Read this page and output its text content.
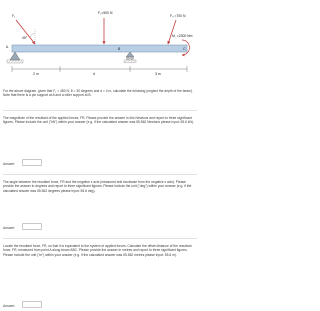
F₁
F₂=500 N
F₃ =700 N
45°	M, =2300 Nm
A	B	C
2 m	d	3 m
For the above diagram, given that F₁ = 450 N, θ = 30 degrees and d = 4 m, calculate the following (neglect the depth of the beam). Note that there is a pin support at A and a roller support at B.
The magnitude of the resultant of the applied forces, FR. Please provide the answer in kilo Newtons and report to three significant figures. Please include the unit ("kN") within your answer (e.g. if the calculated answer was 55.562 Newtons please input: 55.6 kN).
Answer:
The angle between the resultant force, FR and the negative x axis (measured anti clockwise from the negative x axis). Please provide the answer in degrees and report to three significant figures. Please include the unit ("deg") within your answer (e.g. if the calculated answer was 55.562 degrees please input: 55.6 deg).
Answer:
Locate the resultant force, FR, so that it is equivalent to the system of applied forces. Calculate the offset distance of the resultant force, FR, measured from point A along beam ABC. Please provide the answer in metres and report to three significant figures. Please include the unit ("m") within your answer (e.g. if the calculated answer was 55.562 metres please input: 55.6 m).
Answer:
